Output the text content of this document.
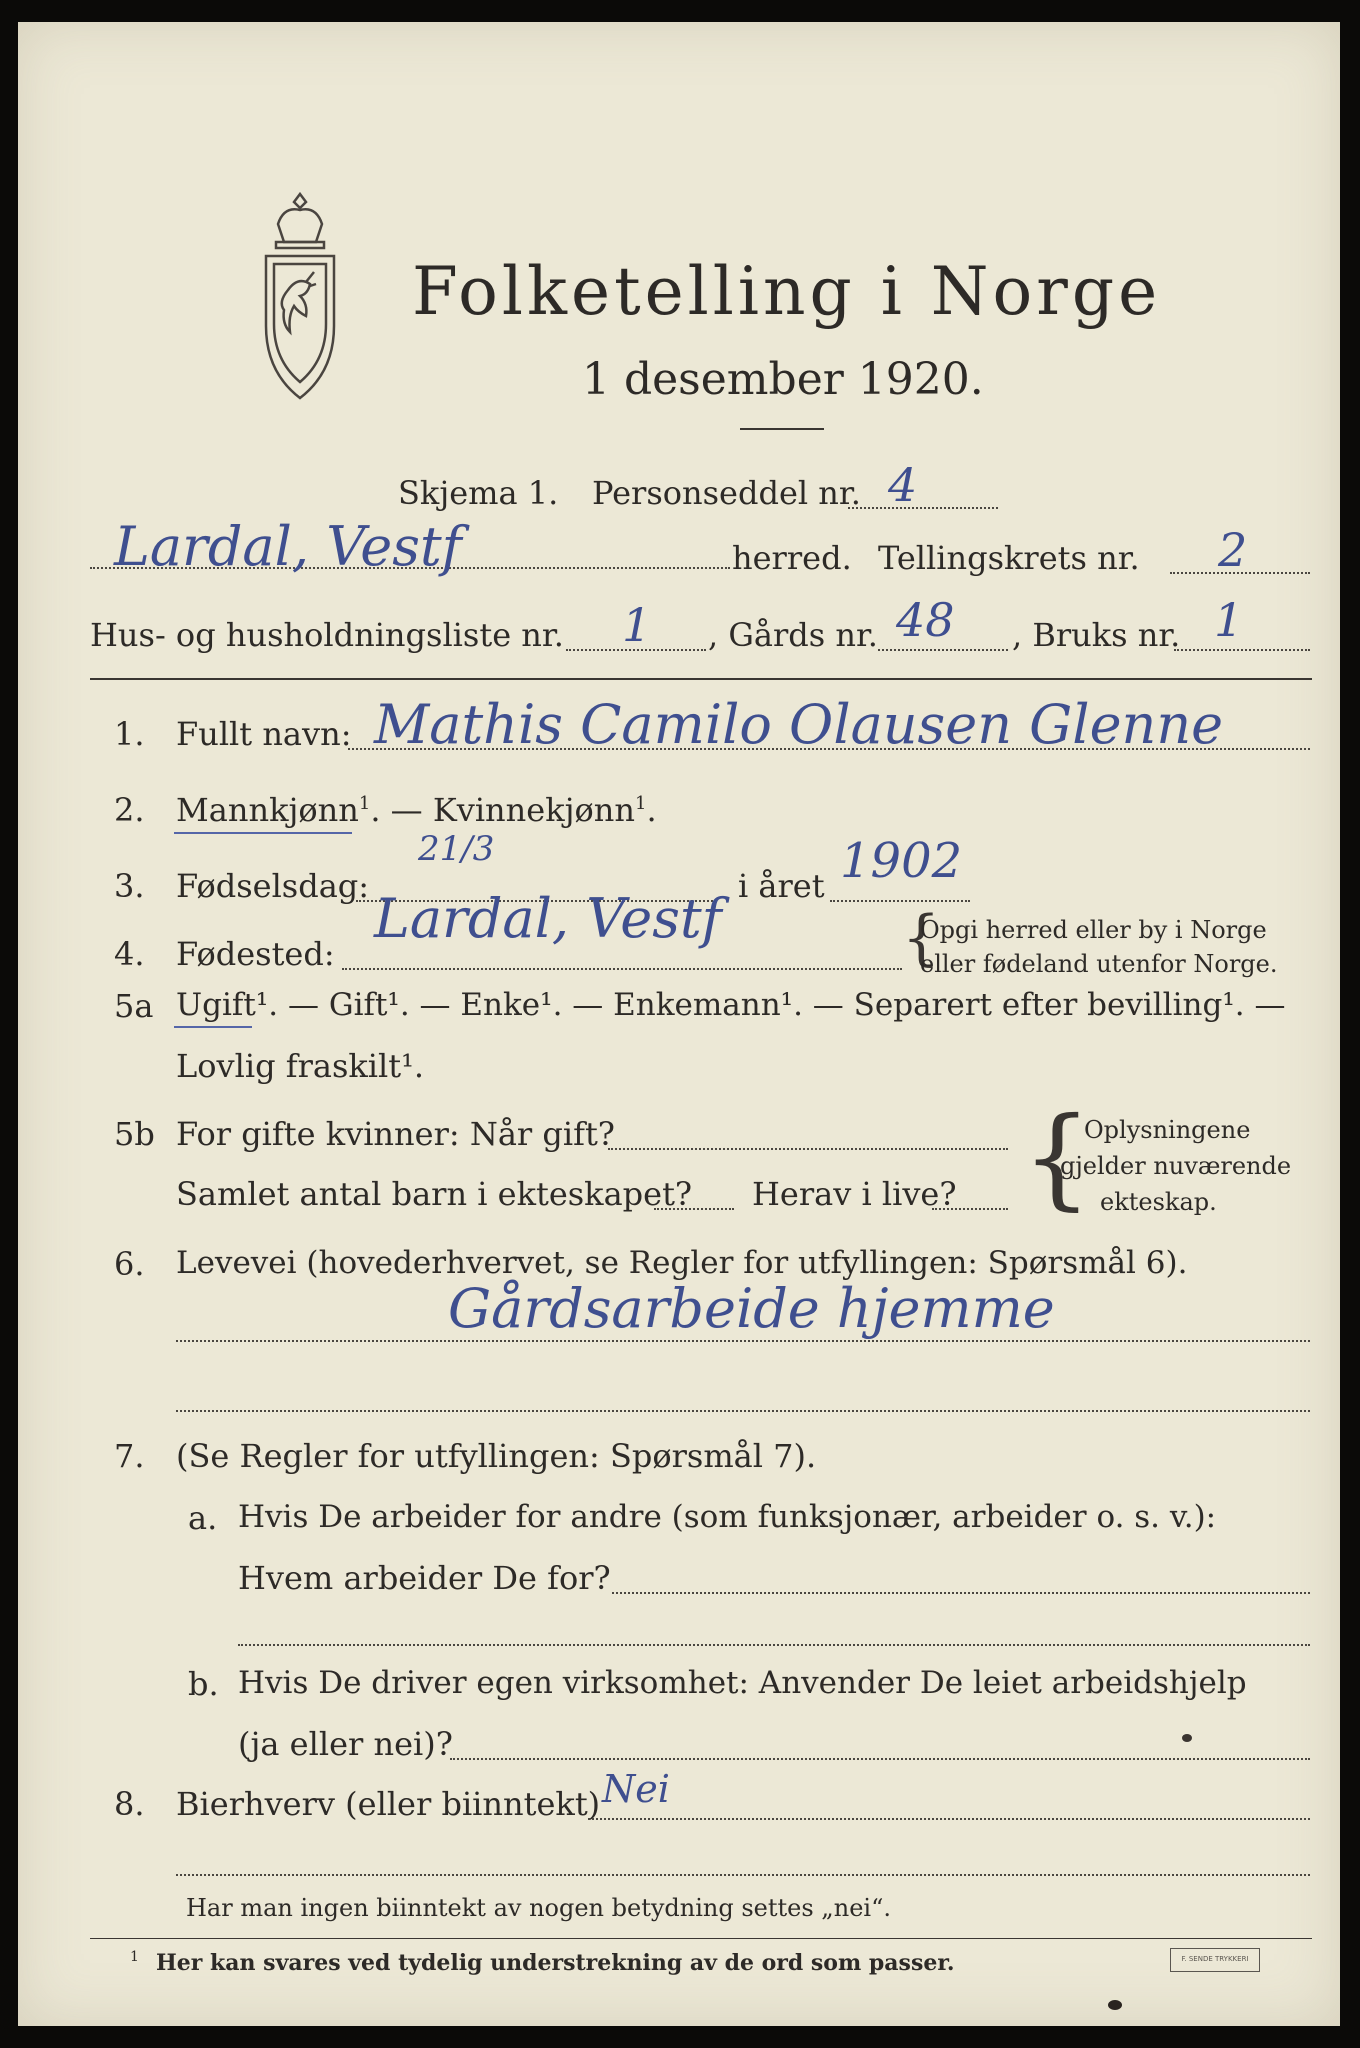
Folketelling i Norge
1 desember 1920.
Skjema 1. Personseddel nr. 4
Lardal, Vestf	herred. Tellingskrets nr. 2
Hus- og husholdningsliste nr. 1 , Gårds nr. 48 , Bruks nr. 1
1. Fullt navn: Mathis Camilo Olausen Glenne
2. Mannkjønn$^1$. — Kvinnekjønn$^1$.
3. Fødselsdag:
21/3
i året 1902
4. Fødested:
Lardal, Vestf	{
Opgi herred eller by i Norge
eller fødeland utenfor Norge.
5a Ugift¹. — Gift¹. — Enke¹. — Enkemann¹. — Separert efter bevilling¹. —
Lovlig fraskilt¹.
5b For gifte kvinner: Når gift?
Samlet antal barn i ekteskapet? Herav i live? {
Oplysningene
gjelder nuværende
ekteskap.
6. Levevei (hovederhvervet, se Regler for utfyllingen: Spørsmål 6).
Gårdsarbeide hjemme
7. (Se Regler for utfyllingen: Spørsmål 7).
a. Hvis De arbeider for andre (som funksjonær, arbeider o. s. v.):
Hvem arbeider De for?
b. Hvis De driver egen virksomhet: Anvender De leiet arbeidshjelp
(ja eller nei)?
8. Bierhverv (eller biinntekt) Nei
Har man ingen biinntekt av nogen betydning settes „nei“.
1 Her kan svares ved tydelig understrekning av de ord som passer.	F. SENDE TRYKKERI
